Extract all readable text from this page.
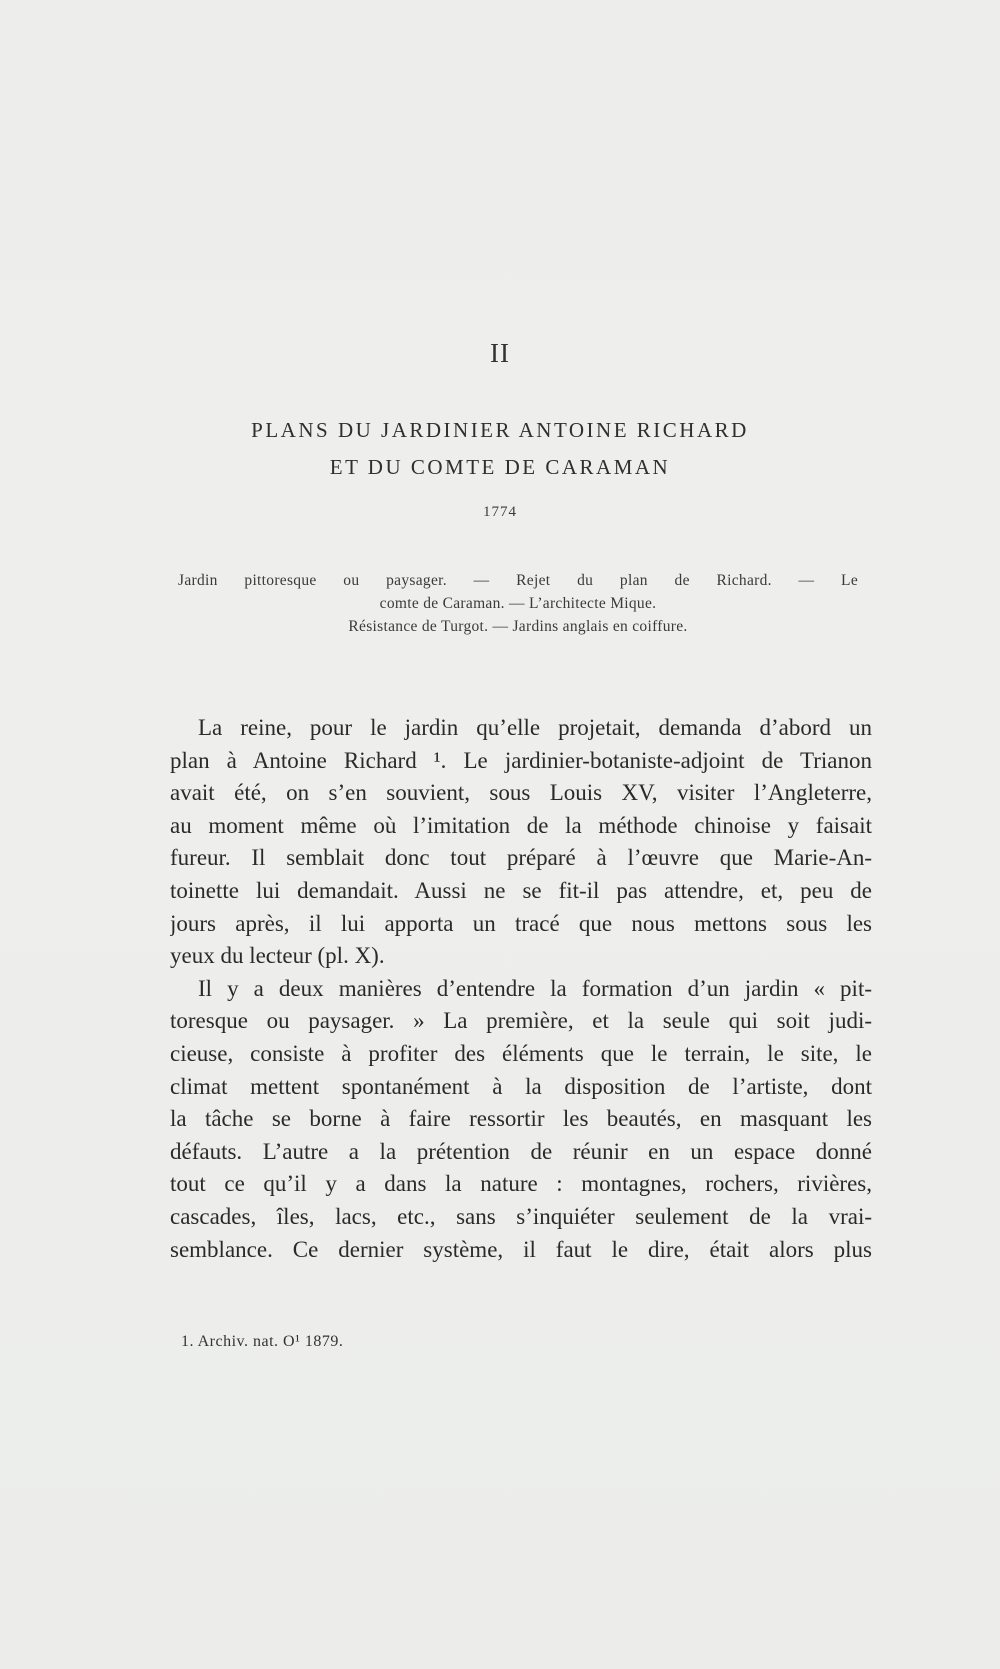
II
PLANS DU JARDINIER ANTOINE RICHARD
ET DU COMTE DE CARAMAN
1774
Jardin pittoresque ou paysager. — Rejet du plan de Richard. — Le
comte de Caraman. — L’architecte Mique.
Résistance de Turgot. — Jardins anglais en coiffure.
La reine, pour le jardin qu’elle projetait, demanda d’abord un
plan à Antoine Richard ¹. Le jardinier-botaniste-adjoint de Trianon
avait été, on s’en souvient, sous Louis XV, visiter l’Angleterre,
au moment même où l’imitation de la méthode chinoise y faisait
fureur. Il semblait donc tout préparé à l’œuvre que Marie-An-
toinette lui demandait. Aussi ne se fit-il pas attendre, et, peu de
jours après, il lui apporta un tracé que nous mettons sous les
yeux du lecteur (pl. X).
Il y a deux manières d’entendre la formation d’un jardin « pit-
toresque ou paysager. » La première, et la seule qui soit judi-
cieuse, consiste à profiter des éléments que le terrain, le site, le
climat mettent spontanément à la disposition de l’artiste, dont
la tâche se borne à faire ressortir les beautés, en masquant les
défauts. L’autre a la prétention de réunir en un espace donné
tout ce qu’il y a dans la nature : montagnes, rochers, rivières,
cascades, îles, lacs, etc., sans s’inquiéter seulement de la vrai-
semblance. Ce dernier système, il faut le dire, était alors plus
1. Archiv. nat. O¹ 1879.
